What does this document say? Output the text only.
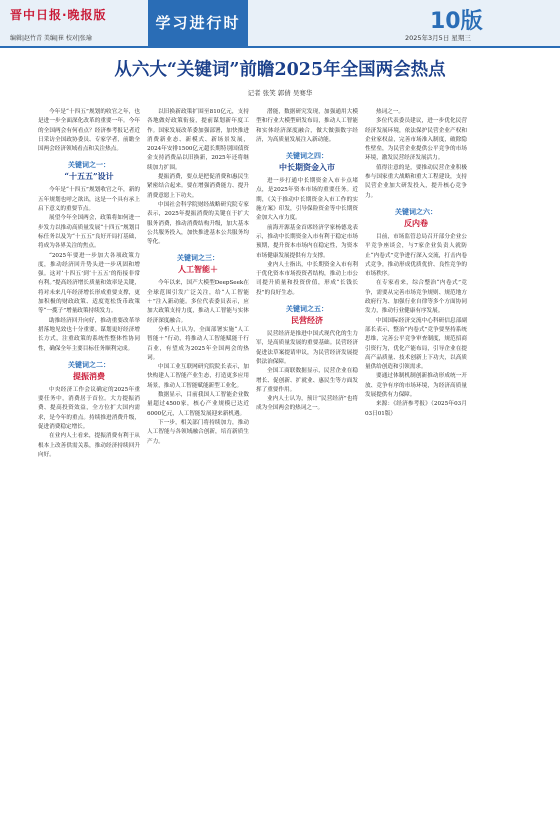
晋中日报·晚报版
编辑|赵竹青 美编|崔 校对|张瑜
学习进行时	10版
2025年3月5日 星期三
从六大“关键词”前瞻2025年全国两会热点
记者 张笑 郭倩 吴赛华

今年是“十四五”规划的收官之年，也是进一步全面深化改革的重要一年。今年的全国两会有何看点？经济参考报记者近日采访全国政协委员、专家学者，前瞻全国两会经济领域看点和关注热点。

关键词之一：
“十五五”设计

今年是“十四五”规划收官之年，新的五年规划也呼之欲出，这是一个具有承上启下意义的重要节点。

展望今年全国两会，政策将如何进一步发力以推动高质量发展“十四五”规划目标任务以及为“十五五”良好开局打基础，将成为各界关注的焦点。

“2025年要进一步加大各项政策力度，推动经济回升势头进一步巩固和增强。这对‘十四五’到‘十五五’的衔接非常有利。”提高经济增长质量和效率是关键，将对未来几年经济增长形成重要支撑，更加积极的财政政策、适度宽松货币政策等“一揽子”增量政策持续发力。

助推经济回升向好，推动重要改革举措落地见效也十分重要。谋划更好经济增长方式，注重政策的系统性整体性协同性，确保全年主要目标任务顺利完成。

关键词之二：
提振消费

中央经济工作会议确定的2025年重要任务中，消费居于首位。大力提振消费、提高投资效益，全方位扩大国内需求，是今年的重点。持续推进消费升级，促进消费稳定增长。

在业内人士看来，提振消费有利于从根本上改善供需关系，推动经济持续回升向好。

以旧换新政策扩围至810亿元，支持各地做好政策衔接，提前谋划新年度工作。国家发展改革委加强部署，加快推进消费新业态、新模式、新场景发展，2024年安排1500亿元超长期特别国债资金支持消费品以旧换新，2025年还将继续加力扩围。

提振消费，要点是把促消费和惠民生紧密结合起来。要在增强消费能力、提升消费意愿上下功夫。

中国社会科学院财经战略研究院专家表示，2025年提振消费的关键在于扩大服务消费，推动消费结构升级，加大基本公共服务投入，加快推进基本公共服务均等化。

关键词之三：
人工智能＋

今年以来，国产大模型DeepSeek在全球范围引发广泛关注，给“人工智能＋”注入新动能。多位代表委员表示，应加大政策支持力度，推动人工智能与实体经济深度融合。

分析人士认为，全面部署实施“人工智能＋”行动，将推动人工智能赋能千行百业，有望成为2025年全国两会的热词。

中国工业互联网研究院院长表示，加快构建人工智能产业生态，打造更多应用场景，推动人工智能赋能新型工业化。

数据显示，目前我国人工智能企业数量超过4500家，核心产业规模已达近6000亿元，人工智能发展迎来新机遇。

下一步，相关部门将持续加力，推动人工智能与各领域融合创新，培育新质生产力。

潜能，数据研究发现，加强通用大模型和行业大模型研发布局，推动人工智能和实体经济深度融合，做大做强数字经济，为高质量发展注入新动能。

关键词之四：
中长期资金入市

进一步打通中长期资金入市卡点堵点，是2025年资本市场的重要任务。近期，《关于推动中长期资金入市工作的实施方案》印发，引导保险资金等中长期资金加大入市力度。

前海开源基金首席经济学家杨德龙表示，推动中长期资金入市有利于稳定市场预期，提升资本市场内在稳定性，为资本市场健康发展提供有力支撑。

业内人士指出，中长期资金入市有利于优化资本市场投资者结构，推动上市公司提升质量和投资价值，形成“长钱长投”的良好生态。

关键词之五：
民营经济

民营经济是推进中国式现代化的生力军，是高质量发展的重要基础。民营经济促进法草案提请审议，为民营经济发展提供法治保障。

全国工商联数据显示，民营企业在稳增长、促创新、扩就业、惠民生等方面发挥了重要作用。

业内人士认为，预计“民营经济”也将成为全国两会的热词之一。

热词之一。

多位代表委员建议，进一步优化民营经济发展环境，依法保护民营企业产权和企业家权益，完善市场准入制度，破除隐性壁垒，为民营企业提供公平竞争的市场环境，激发民营经济发展活力。

值得注意的是，要推动民营企业积极参与国家重大战略和重大工程建设，支持民营企业加大研发投入，提升核心竞争力。

关键词之六：
反内卷

目前，市场监管总局召开部分企业公平竞争座谈会，与7家企业负责人就防止“内卷式”竞争进行深入交流，打击内卷式竞争，推动形成优质优价、良性竞争的市场秩序。

在专家看来，综合整治“内卷式”竞争，需要从完善市场竞争规则、规范地方政府行为、加强行业自律等多个方面协同发力，推动行业健康有序发展。

中国国际经济交流中心科研信息部副部长表示，整治“内卷式”竞争要坚持系统思维，完善公平竞争审查制度，规范招商引资行为，优化产能布局，引导企业在提高产品质量、技术创新上下功夫，以高质量供给创造和引领需求。

要通过体制机制创新推动形成统一开放、竞争有序的市场环境，为经济高质量发展提供有力保障。

来源：《经济参考报》（2025年03月03日01版）
